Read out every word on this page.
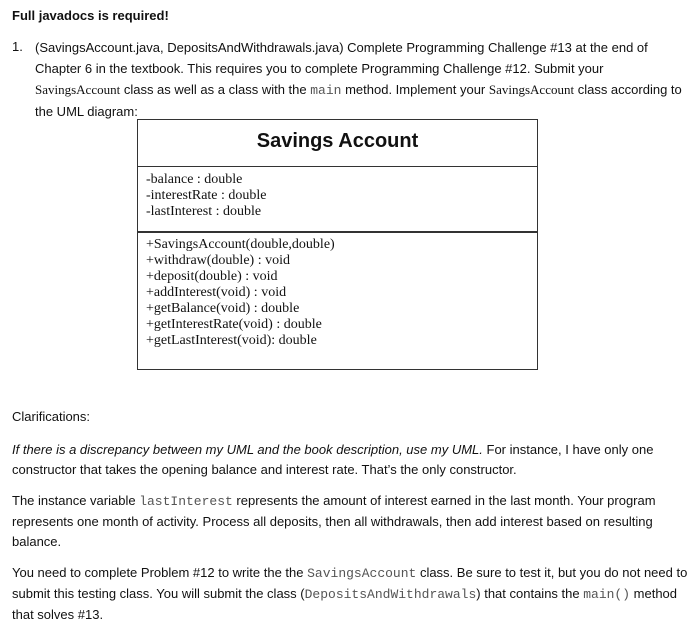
Full javadocs is required!
1. (SavingsAccount.java, DepositsAndWithdrawals.java) Complete Programming Challenge #13 at the end of Chapter 6 in the textbook. This requires you to complete Programming Challenge #12. Submit your SavingsAccount class as well as a class with the main method. Implement your SavingsAccount class according to the UML diagram:
Savings Account
-balance : double
-interestRate : double
-lastInterest : double
+SavingsAccount(double,double)
+withdraw(double) : void
+deposit(double) : void
+addInterest(void) : void
+getBalance(void) : double
+getInterestRate(void) : double
+getLastInterest(void): double
Clarifications:
If there is a discrepancy between my UML and the book description, use my UML. For instance, I have only one constructor that takes the opening balance and interest rate. That’s the only constructor.
The instance variable lastInterest represents the amount of interest earned in the last month. Your program represents one month of activity. Process all deposits, then all withdrawals, then add interest based on resulting balance.
You need to complete Problem #12 to write the the SavingsAccount class. Be sure to test it, but you do not need to submit this testing class. You will submit the class (DepositsAndWithdrawals) that contains the main() method that solves #13.
